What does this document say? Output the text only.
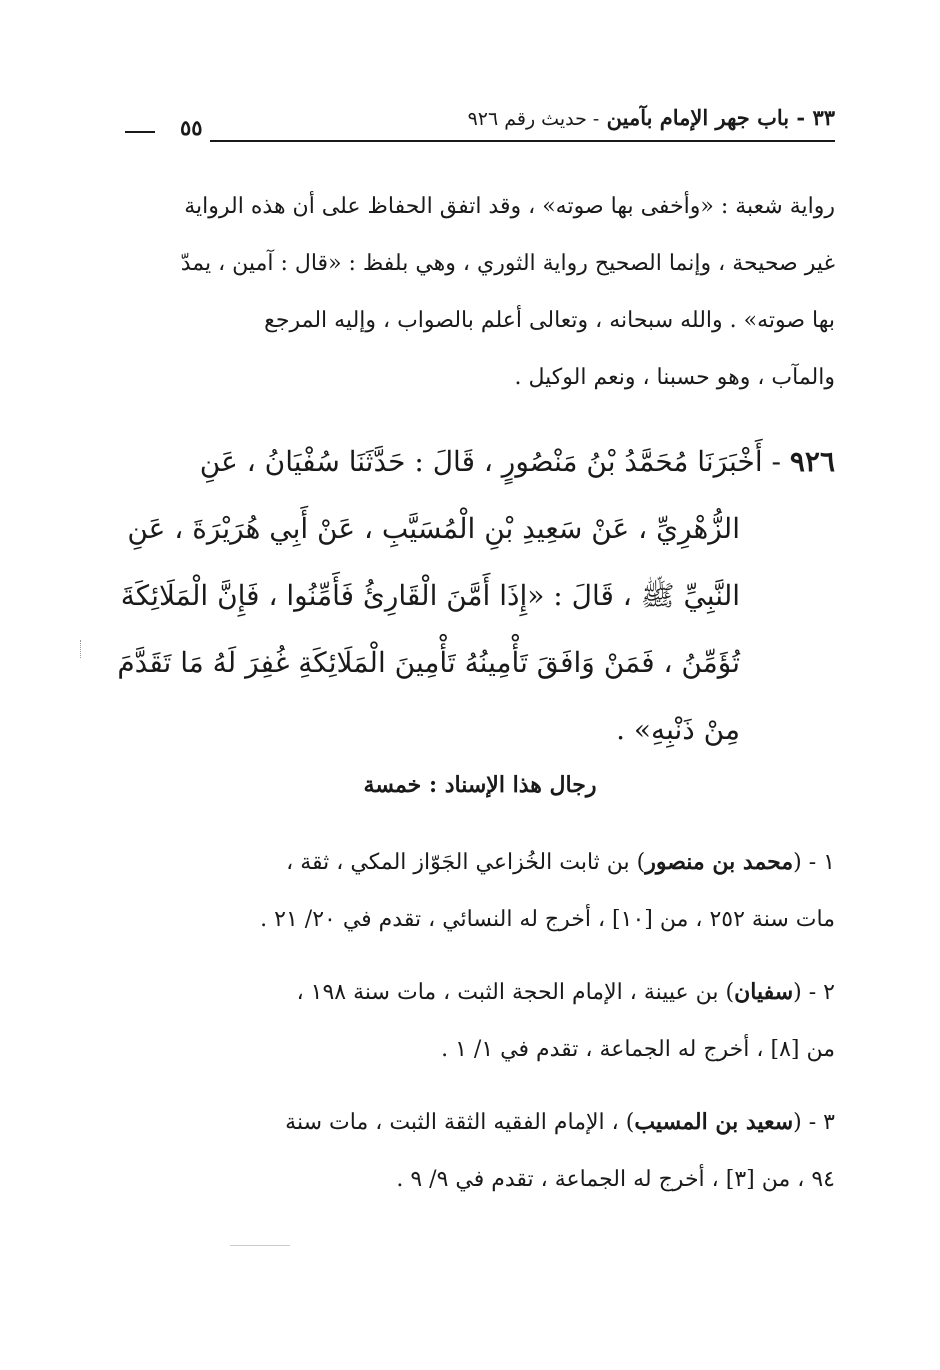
٣٣ - باب جهر الإمام بآمين - حديث رقم ٩٢٦
٥٥
رواية شعبة : «وأخفى بها صوته» ، وقد اتفق الحفاظ على أن هذه الرواية
غير صحيحة ، وإنما الصحيح رواية الثوري ، وهي بلفظ : «قال : آمين ، يمدّ
بها صوته» . والله سبحانه ، وتعالى أعلم بالصواب ، وإليه المرجع
والمآب ، وهو حسبنا ، ونعم الوكيل .
٩٢٦ - أَخْبَرَنَا مُحَمَّدُ بْنُ مَنْصُورٍ ، قَالَ : حَدَّثَنَا سُفْيَانُ ، عَنِ
الزُّهْرِيِّ ، عَنْ سَعِيدِ بْنِ الْمُسَيَّبِ ، عَنْ أَبِي هُرَيْرَةَ ، عَنِ
النَّبِيِّ ﷺ ، قَالَ : «إِذَا أَمَّنَ الْقَارِئُ فَأَمِّنُوا ، فَإِنَّ الْمَلَائِكَةَ
تُؤَمِّنُ ، فَمَنْ وَافَقَ تَأْمِينُهُ تَأْمِينَ الْمَلَائِكَةِ غُفِرَ لَهُ مَا تَقَدَّمَ
مِنْ ذَنْبِهِ» .
رجال هذا الإسناد : خمسة
١ - (محمد بن منصور) بن ثابت الخُزاعي الجَوّاز المكي ، ثقة ،
مات سنة ٢٥٢ ، من [١٠] ، أخرج له النسائي ، تقدم في ٢٠/ ٢١ .
٢ - (سفيان) بن عيينة ، الإمام الحجة الثبت ، مات سنة ١٩٨ ،
من [٨] ، أخرج له الجماعة ، تقدم في ١/ ١ .
٣ - (سعيد بن المسيب) ، الإمام الفقيه الثقة الثبت ، مات سنة
٩٤ ، من [٣] ، أخرج له الجماعة ، تقدم في ٩/ ٩ .
